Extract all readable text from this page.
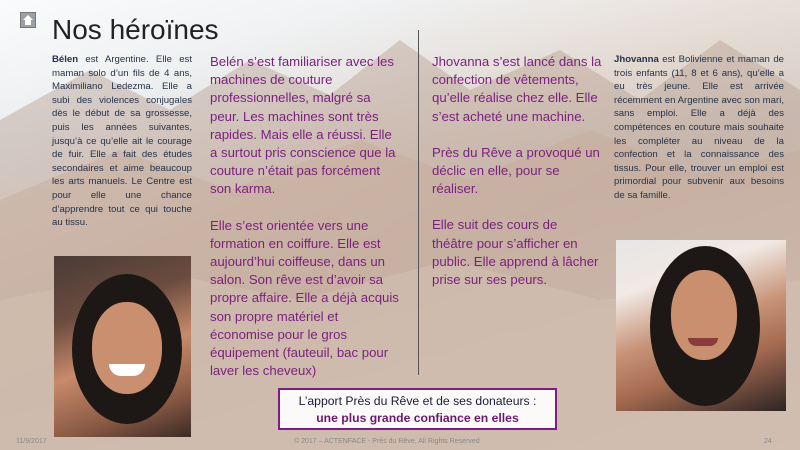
Nos héroïnes
Bélen est Argentine. Elle est maman solo d’un fils de 4 ans, Maximiliano Ledezma. Elle a subi des violences conjugales dès le début de sa grossesse, puis les années suivantes, jusqu’à ce qu’elle ait le courage de fuir. Elle a fait des études secondaires et aime beaucoup les arts manuels. Le Centre est pour elle une chance d’apprendre tout ce qui touche au tissu.

Belén s’est familiariser avec les machines de couture professionnelles, malgré sa peur. Les machines sont très rapides. Mais elle a réussi. Elle a surtout pris conscience que la couture n’était pas forcément son karma.

Elle s’est orientée vers une formation en coiffure. Elle est aujourd’hui coiffeuse, dans un salon. Son rêve est d’avoir sa propre affaire. Elle a déjà acquis son propre matériel et économise pour le gros équipement (fauteuil, bac pour laver les cheveux)

Jhovanna s’est lancé dans la confection de vêtements, qu’elle réalise chez elle. Elle s’est acheté une machine.

Près du Rêve a provoqué un déclic en elle, pour se réaliser.

Elle suit des cours de théâtre pour s’afficher en public. Elle apprend à lâcher prise sur ses peurs.

Jhovanna est Bolivienne et maman de trois enfants (11, 8 et 6 ans), qu’elle a eu très jeune. Elle est arrivée récemment en Argentine avec son mari, sans emploi. Elle a déjà des compétences en couture mais souhaite les compléter au niveau de la confection et la connaissance des tissus. Pour elle, trouver un emploi est primordial pour subvenir aux besoins de sa famille.
L’apport Près du Rêve et de ses donateurs :
une plus grande confiance en elles
11/9/2017	© 2017 – ACTENFACE - Près du Rêve, All Rights Reserved	24
